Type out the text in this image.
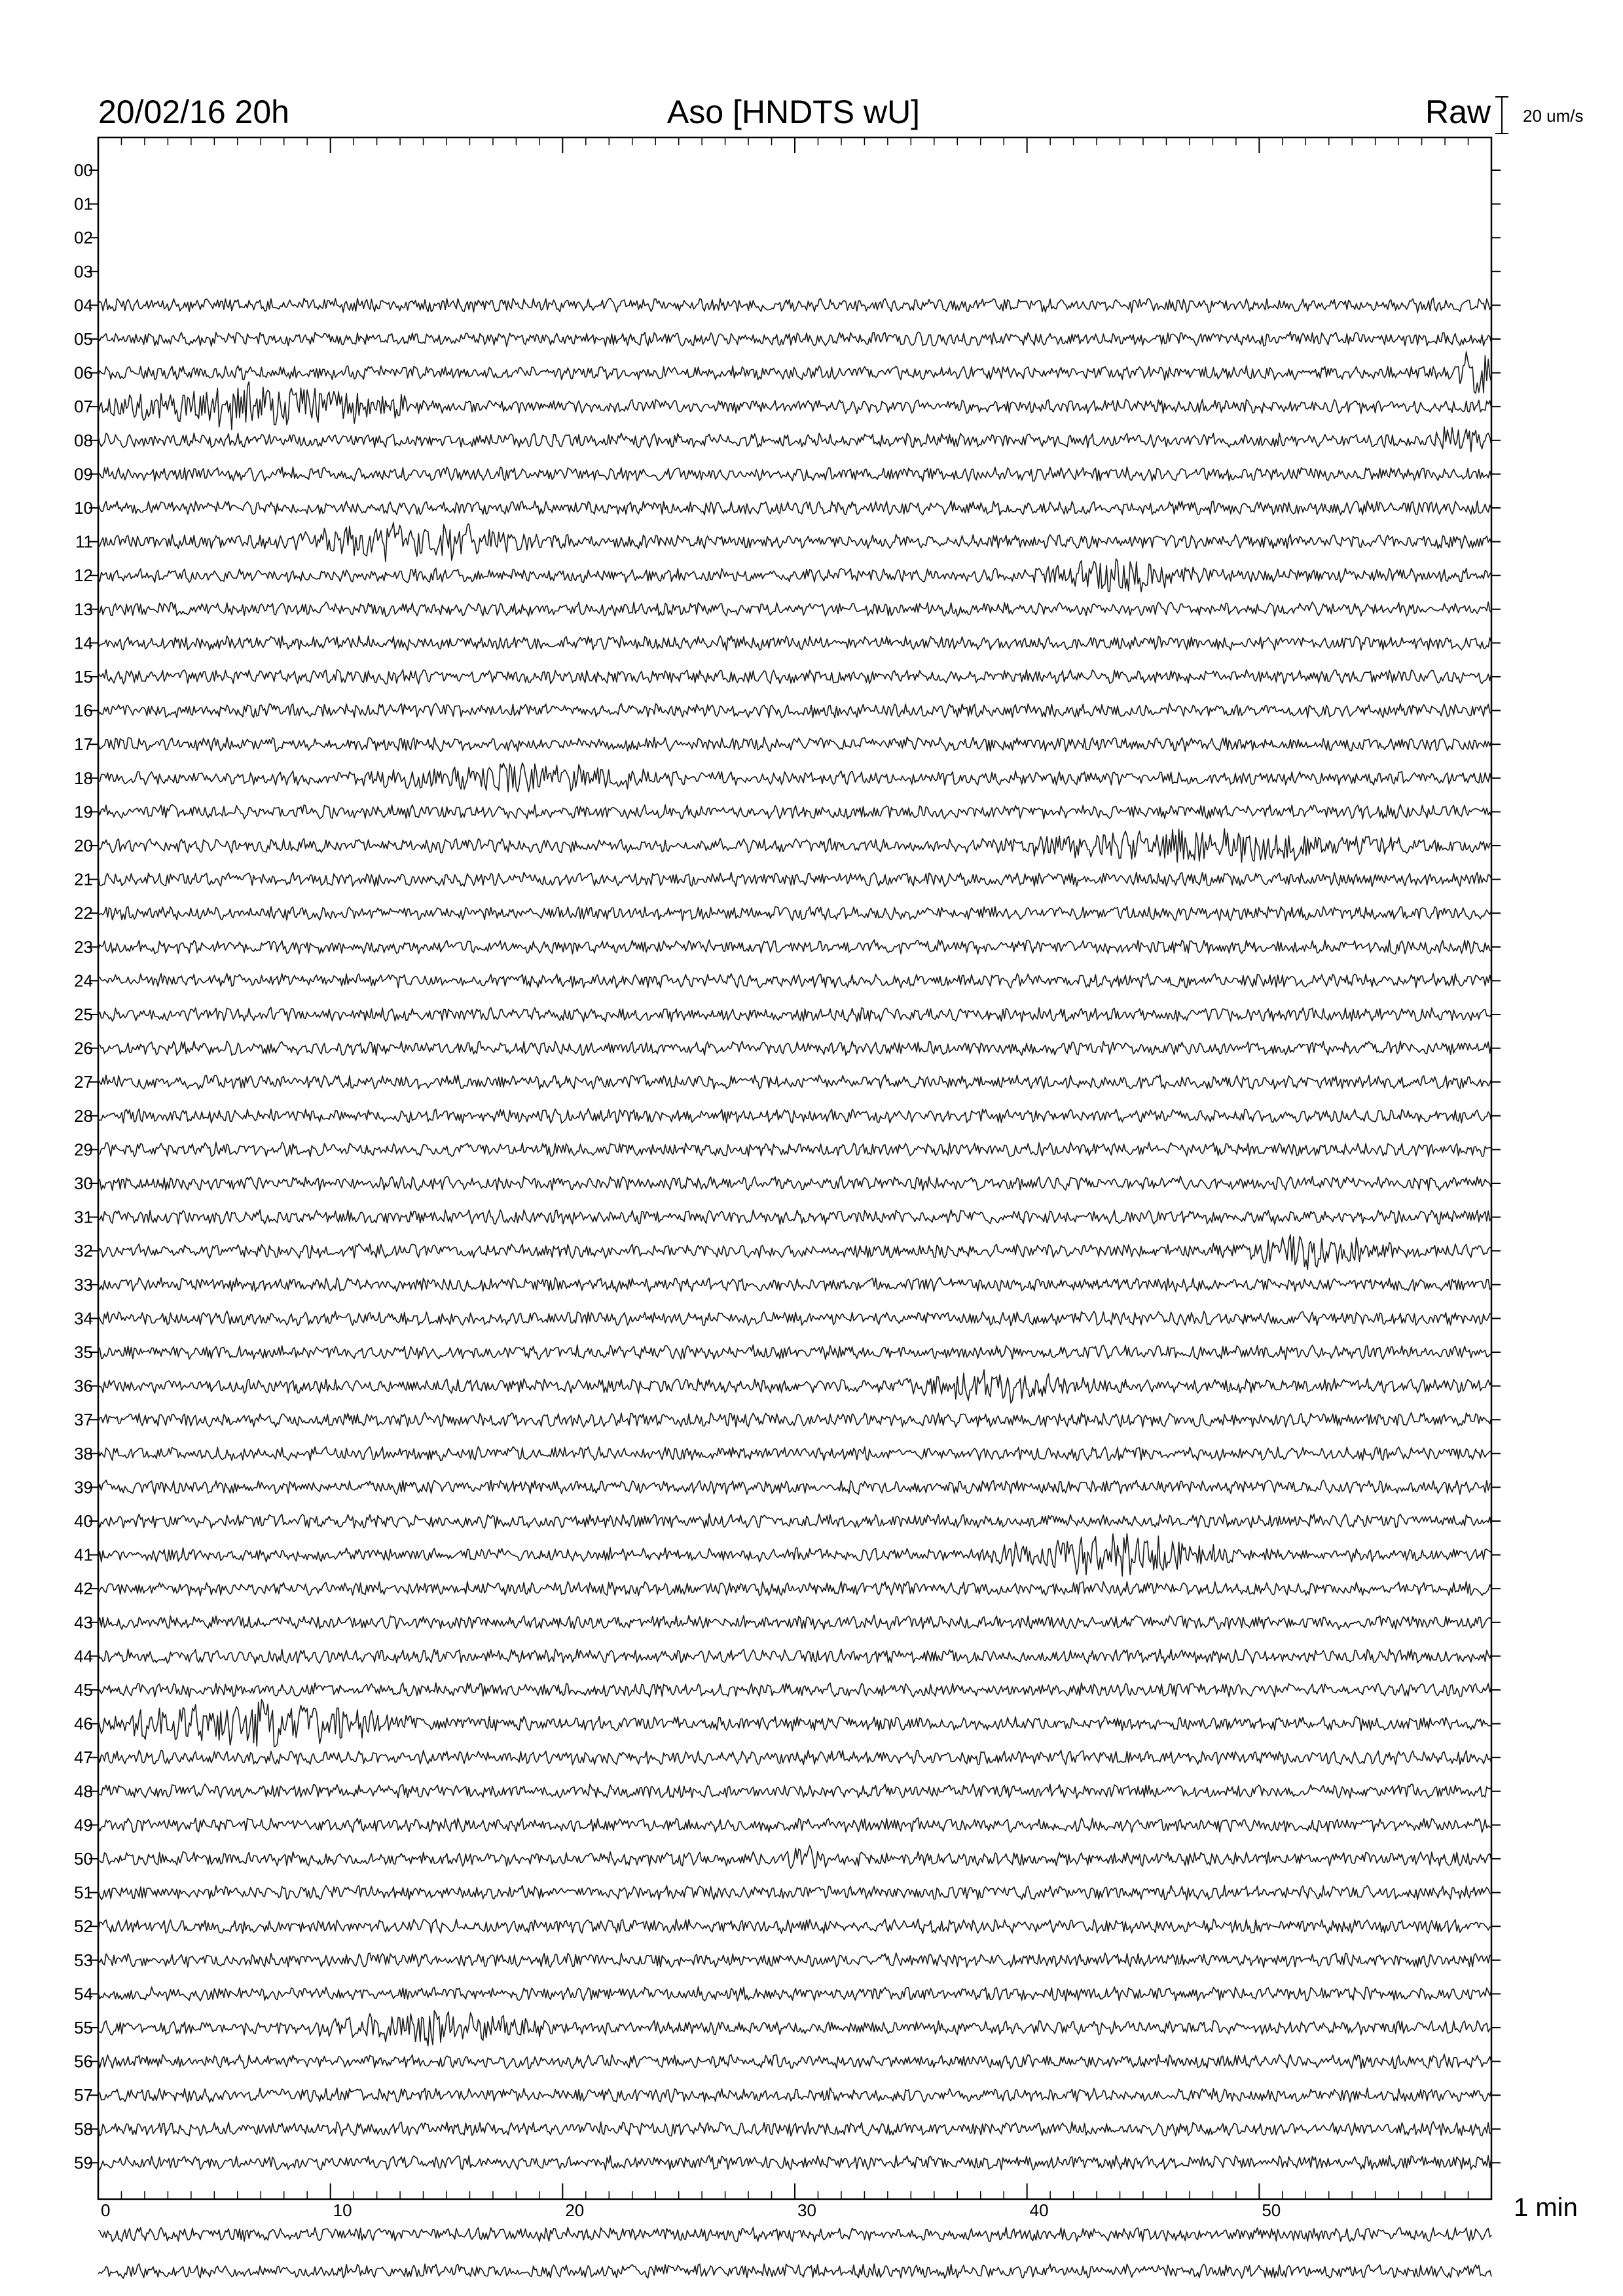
20/02/16 20h	Aso [HNDTS wU]	Raw 20 um/s
00
01
02
03
04
05
06
07
08
09
10
11
12
13
14
15
16
17
18
19
20
21
22
23
24
25
26
27
28
29
30
31
32
33
34
35
36
37
38
39
40
41
42
43
44
45
46
47
48
49
50
51
52
53
54
55
56
57
58
59
0	10	20	30	40	50	1 min
